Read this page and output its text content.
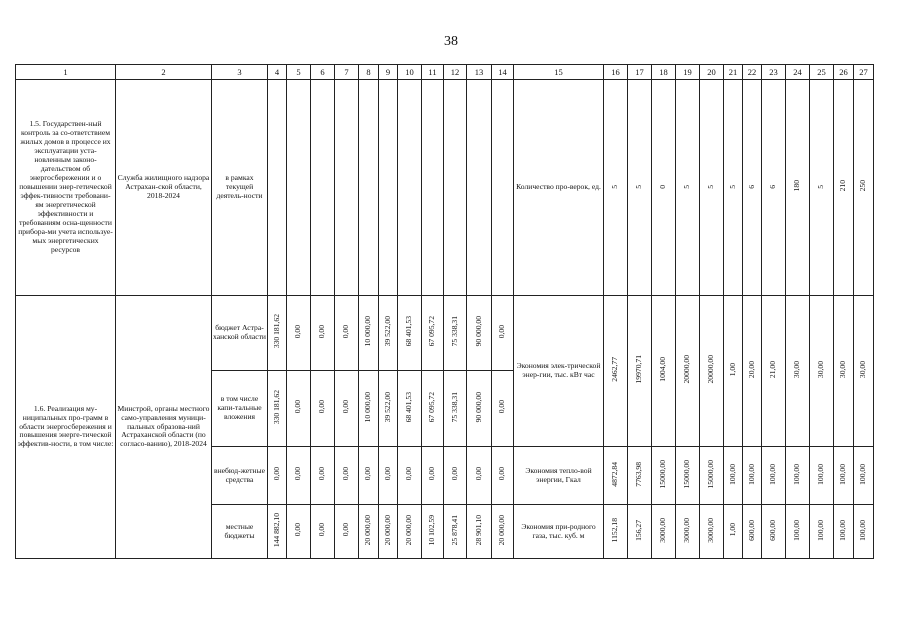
38
1	2	3	4	5	6	7	8	9	10	11	12	13	14	15	16	17	18	19	20	21	22	23	24	25	26	27
1.5. Государствен-ный контроль за со-ответствием жилых домов в процессе их эксплуатации уста-новленным законо-дательством об энергосбережении и о повышении энер-гетической эффек-тивности требовани-ям энергетической эффективности и требованиям осна-щенности прибора-ми учета используе-мых энергетических ресурсов	Служба жилищного надзора Астрахан-ской области, 2018-2024	в рамках текущей деятель-ности												Количество про-верок, ед.	5	5	0	5	5	5	6	6	180	5	210	250
1.6. Реализация му-ниципальных про-грамм в области энергосбережения и повышения энерге-тической эффектив-ности, в том числе:	Минстрой, органы местного само-управления муници-пальных образова-ний Астраханской области (по согласо-ванию), 2018-2024	бюджет Астра-ханской области	330 181,62	0,00	0,00	0,00	10 000,00	39 522,00	68 401,53	67 095,72	75 338,31	90 000,00	0,00	Экономия элек-трической энер-гии, тыс. кВт час	2462,77	19970,71	1004,00	20000,00	20000,00	1,00	20,00	21,00	30,00	30,00	30,00	30,00
		в том числе капи-тальные вложения	330 181,62	0,00	0,00	0,00	10 000,00	39 522,00	68 401,53	67 095,72	75 338,31	90 000,00	0,00													
		внебюд-жетные средства	0,00	0,00	0,00	0,00	0,00	0,00	0,00	0,00	0,00	0,00	0,00	Экономия тепло-вой энергии, Гкал	4872,84	7763,98	15000,00	15000,00	15000,00	100,00	100,00	100,00	100,00	100,00	100,00	100,00
		местные бюджеты	144 882,10	0,00	0,00	0,00	20 000,00	20 000,00	20 000,00	10 102,59	25 878,41	28 901,10	20 000,00	Экономия при-родного газа, тыс. куб. м	1152,18	156,27	3000,00	3000,00	3000,00	1,00	600,00	600,00	100,00	100,00	100,00	100,00
